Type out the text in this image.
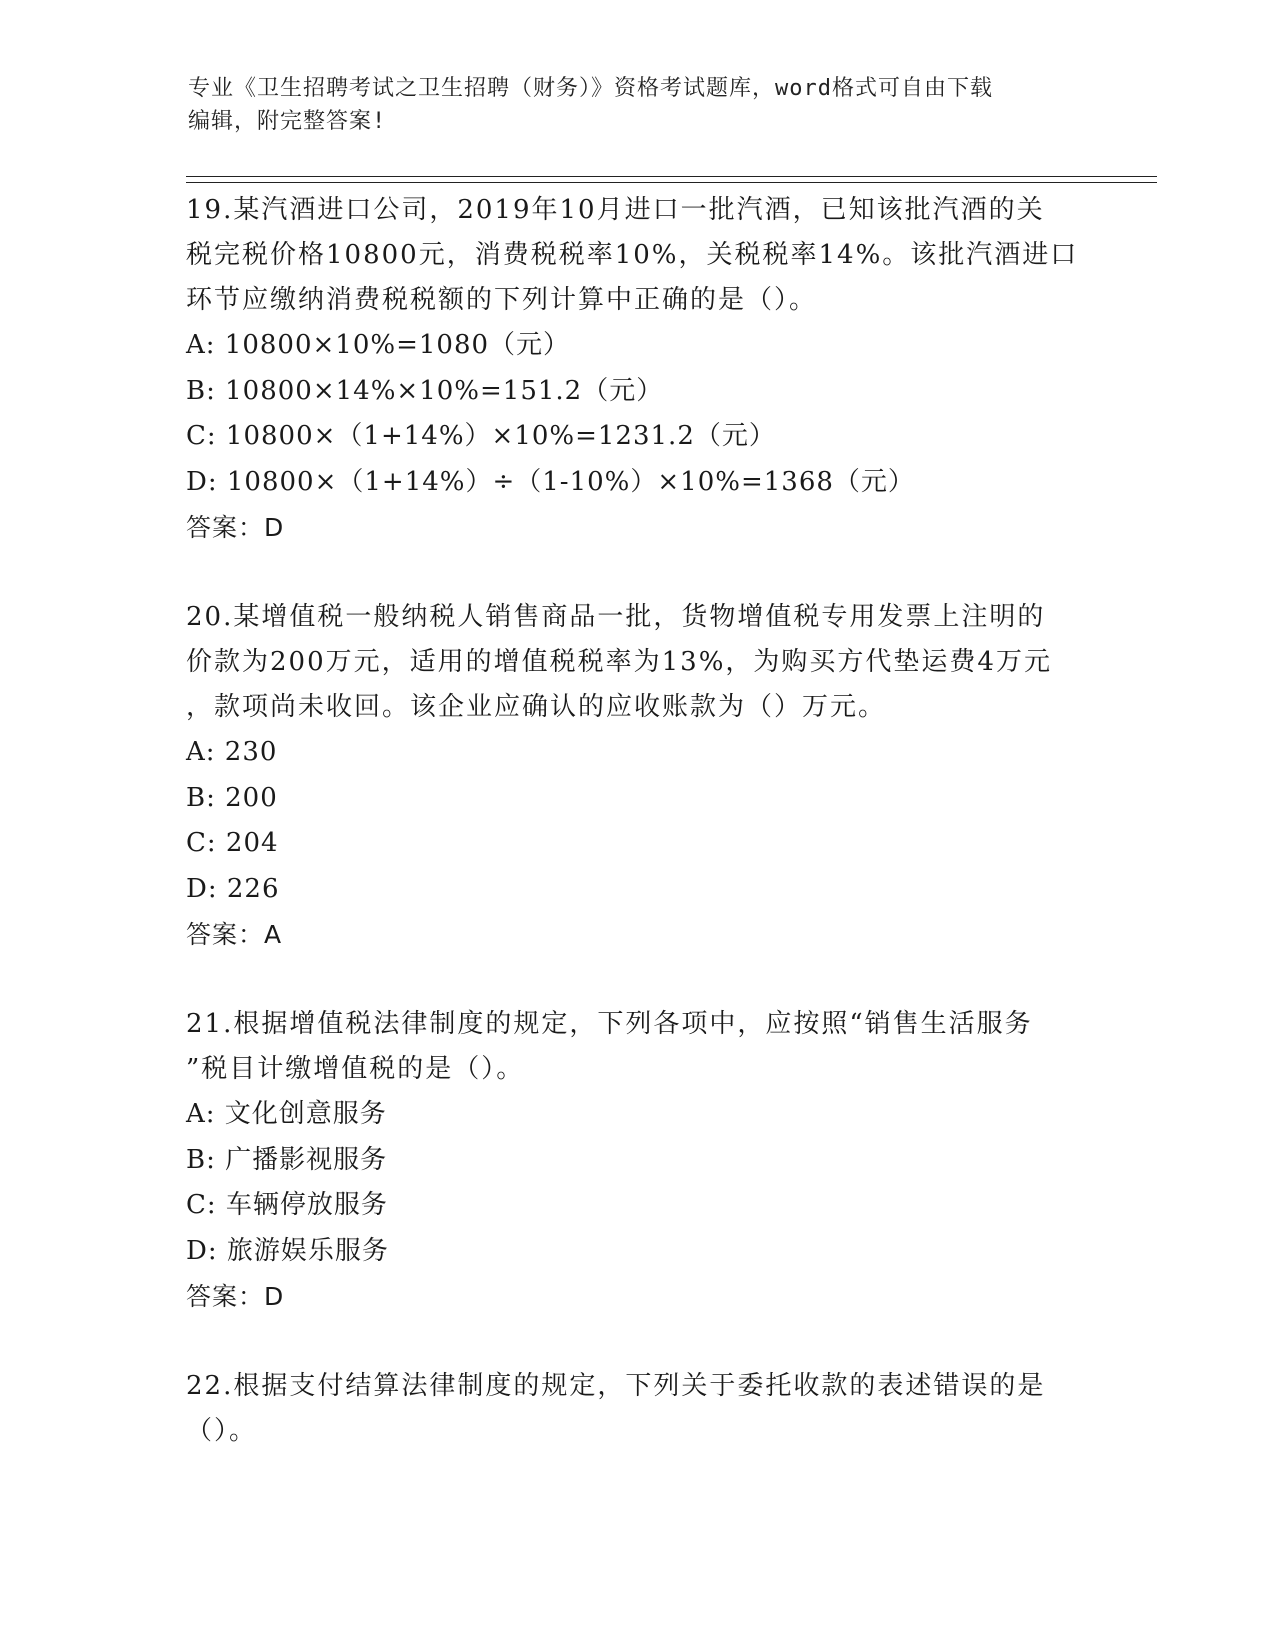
专业《卫生招聘考试之卫生招聘（财务）》资格考试题库，word格式可自由下载
编辑，附完整答案!

19.某汽酒进口公司，2019年10月进口一批汽酒，已知该批汽酒的关

税完税价格10800元，消费税税率10%，关税税率14%。该批汽酒进口

环节应缴纳消费税税额的下列计算中正确的是（）。

A: 10800×10%=1080（元）

B: 10800×14%×10%=151.2（元）

C: 10800×（1+14%）×10%=1231.2（元）

D: 10800×（1+14%）÷（1-10%）×10%=1368（元）

答案：D

20.某增值税一般纳税人销售商品一批，货物增值税专用发票上注明的

价款为200万元，适用的增值税税率为13%，为购买方代垫运费4万元

，款项尚未收回。该企业应确认的应收账款为（）万元。

A: 230

B: 200

C: 204

D: 226

答案：A

21.根据增值税法律制度的规定，下列各项中，应按照“销售生活服务

”税目计缴增值税的是（）。

A: 文化创意服务

B: 广播影视服务

C: 车辆停放服务

D: 旅游娱乐服务

答案：D

22.根据支付结算法律制度的规定，下列关于委托收款的表述错误的是

（）。
